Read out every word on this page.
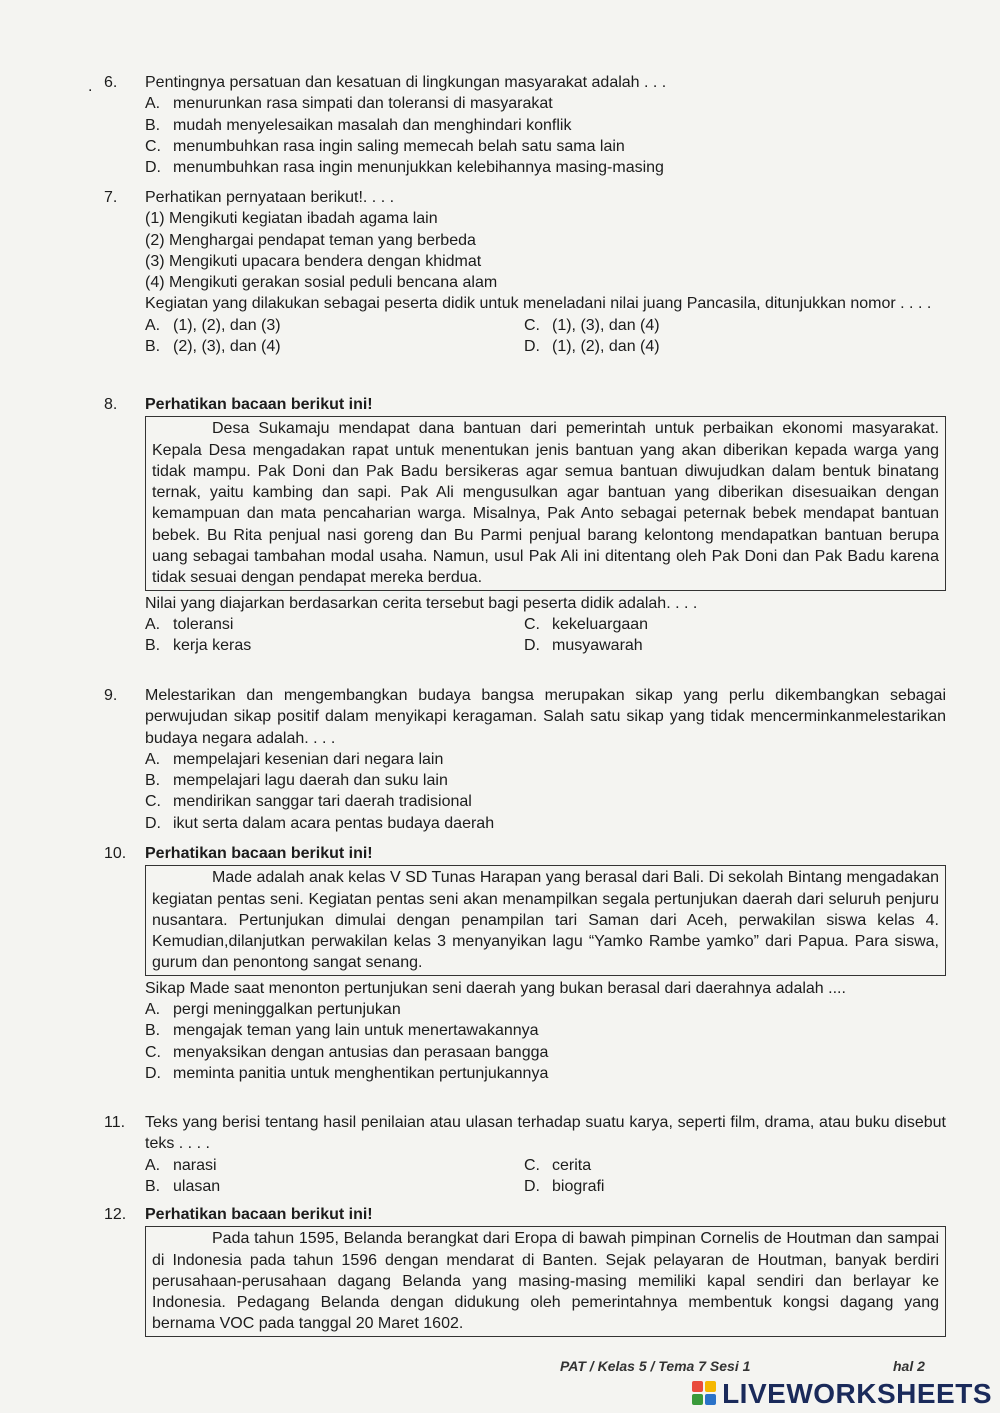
. 6.	Pentingnya persatuan dan kesatuan di lingkungan masyarakat adalah . . .
A. menurunkan rasa simpati dan toleransi di masyarakat
B. mudah menyelesaikan masalah dan menghindari konflik
C. menumbuhkan rasa ingin saling memecah belah satu sama lain
D. menumbuhkan rasa ingin menunjukkan kelebihannya masing-masing
7.	Perhatikan pernyataan berikut!. . . .
(1) Mengikuti kegiatan ibadah agama lain
(2) Menghargai pendapat teman yang berbeda
(3) Mengikuti upacara bendera dengan khidmat
(4) Mengikuti gerakan sosial peduli bencana alam
Kegiatan yang dilakukan sebagai peserta didik untuk meneladani nilai juang Pancasila, ditunjukkan nomor . . . .
A. (1), (2), dan (3)	C. (1), (3), dan (4)
B. (2), (3), dan (4)	D. (1), (2), dan (4)
8.	Perhatikan bacaan berikut ini!
Desa Sukamaju mendapat dana bantuan dari pemerintah untuk perbaikan ekonomi masyarakat. Kepala Desa mengadakan rapat untuk menentukan jenis bantuan yang akan diberikan kepada warga yang tidak mampu. Pak Doni dan Pak Badu bersikeras agar semua bantuan diwujudkan dalam bentuk binatang ternak, yaitu kambing dan sapi. Pak Ali mengusulkan agar bantuan yang diberikan disesuaikan dengan kemampuan dan mata pencaharian warga. Misalnya, Pak Anto sebagai peternak bebek mendapat bantuan bebek. Bu Rita penjual nasi goreng dan Bu Parmi penjual barang kelontong mendapatkan bantuan berupa uang sebagai tambahan modal usaha. Namun, usul Pak Ali ini ditentang oleh Pak Doni dan Pak Badu karena tidak sesuai dengan pendapat mereka berdua.
Nilai yang diajarkan berdasarkan cerita tersebut bagi peserta didik adalah. . . .
A. toleransi	C. kekeluargaan
B. kerja keras	D. musyawarah
9.	Melestarikan dan mengembangkan budaya bangsa merupakan sikap yang perlu dikembangkan sebagai perwujudan sikap positif dalam menyikapi keragaman. Salah satu sikap yang tidak mencerminkanmelestarikan budaya negara adalah. . . .
A. mempelajari kesenian dari negara lain
B. mempelajari lagu daerah dan suku lain
C. mendirikan sanggar tari daerah tradisional
D. ikut serta dalam acara pentas budaya daerah
10.	Perhatikan bacaan berikut ini!
Made adalah anak kelas V SD Tunas Harapan yang berasal dari Bali. Di sekolah Bintang mengadakan kegiatan pentas seni. Kegiatan pentas seni akan menampilkan segala pertunjukan daerah dari seluruh penjuru nusantara. Pertunjukan dimulai dengan penampilan tari Saman dari Aceh, perwakilan siswa kelas 4. Kemudian,dilanjutkan perwakilan kelas 3 menyanyikan lagu “Yamko Rambe yamko” dari Papua. Para siswa, gurum dan penontong sangat senang.
Sikap Made saat menonton pertunjukan seni daerah yang bukan berasal dari daerahnya adalah ....
A. pergi meninggalkan pertunjukan
B. mengajak teman yang lain untuk menertawakannya
C. menyaksikan dengan antusias dan perasaan bangga
D. meminta panitia untuk menghentikan pertunjukannya
11.	Teks yang berisi tentang hasil penilaian atau ulasan terhadap suatu karya, seperti film, drama, atau buku disebut teks . . . .
A. narasi	C. cerita
B. ulasan	D. biografi
12.	Perhatikan bacaan berikut ini!
Pada tahun 1595, Belanda berangkat dari Eropa di bawah pimpinan Cornelis de Houtman dan sampai di Indonesia pada tahun 1596 dengan mendarat di Banten. Sejak pelayaran de Houtman, banyak berdiri perusahaan-perusahaan dagang Belanda yang masing-masing memiliki kapal sendiri dan berlayar ke Indonesia. Pedagang Belanda dengan didukung oleh pemerintahnya membentuk kongsi dagang yang bernama VOC pada tanggal 20 Maret 1602.
PAT / Kelas 5 / Tema 7 Sesi 1	hal 2
LIVEWORKSHEETS
